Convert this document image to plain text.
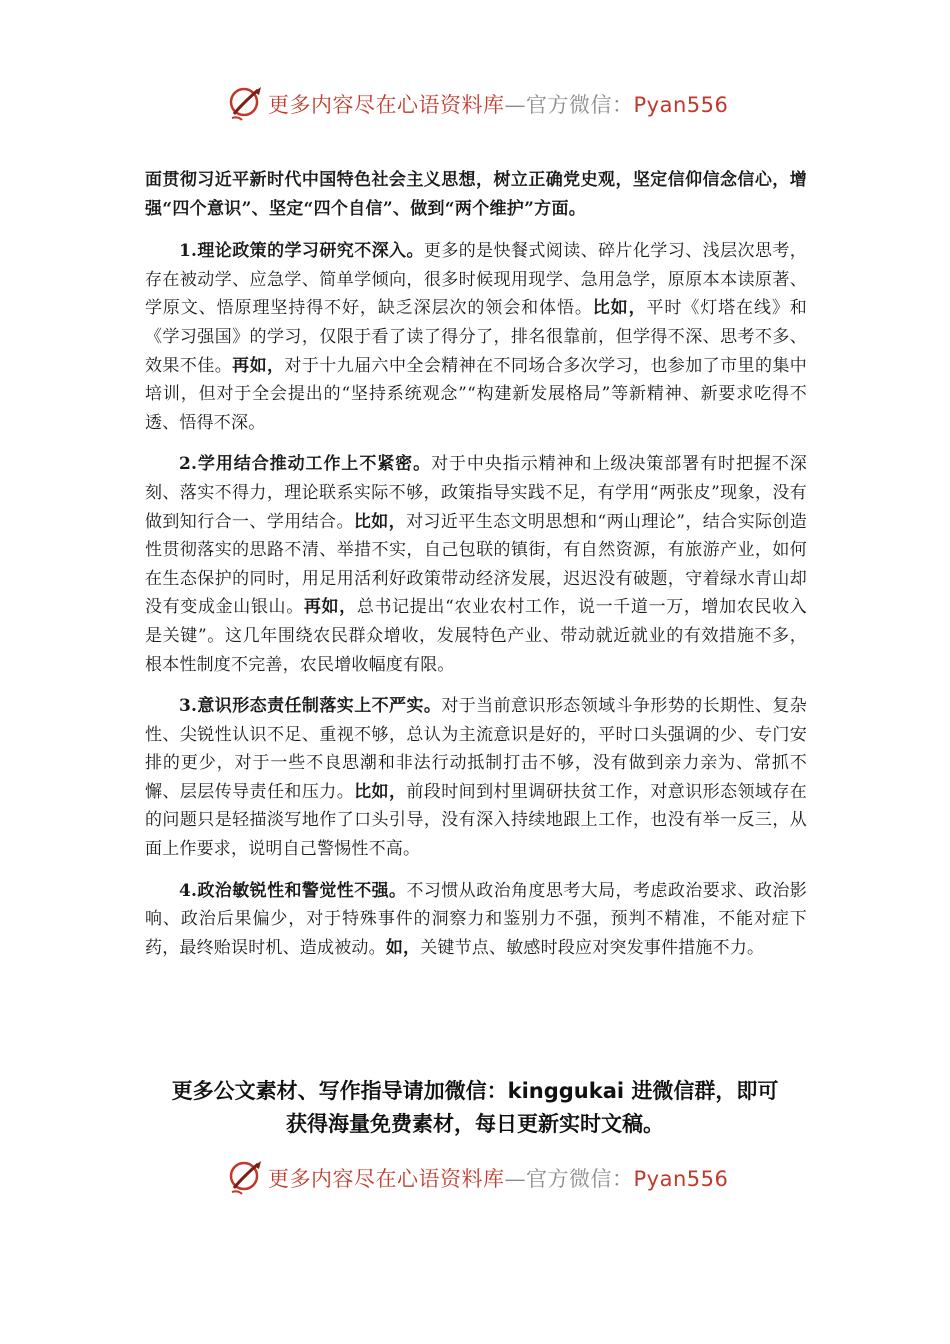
更多内容尽在心语资料库—官方微信：Pyan556

面贯彻习近平新时代中国特色社会主义思想，树立正确党史观，坚定信仰信念信心，增强“四个意识”、坚定“四个自信”、做到“两个维护”方面。

1.理论政策的学习研究不深入。更多的是快餐式阅读、碎片化学习、浅层次思考，存在被动学、应急学、简单学倾向，很多时候现用现学、急用急学，原原本本读原著、学原文、悟原理坚持得不好，缺乏深层次的领会和体悟。比如，平时《灯塔在线》和《学习强国》的学习，仅限于看了读了得分了，排名很靠前，但学得不深、思考不多、效果不佳。再如，对于十九届六中全会精神在不同场合多次学习，也参加了市里的集中培训，但对于全会提出的“坚持系统观念”“构建新发展格局”等新精神、新要求吃得不透、悟得不深。

2.学用结合推动工作上不紧密。对于中央指示精神和上级决策部署有时把握不深刻、落实不得力，理论联系实际不够，政策指导实践不足，有学用“两张皮”现象，没有做到知行合一、学用结合。比如，对习近平生态文明思想和“两山理论”，结合实际创造性贯彻落实的思路不清、举措不实，自己包联的镇街，有自然资源，有旅游产业，如何在生态保护的同时，用足用活利好政策带动经济发展，迟迟没有破题，守着绿水青山却没有变成金山银山。再如，总书记提出“农业农村工作，说一千道一万，增加农民收入是关键”。这几年围绕农民群众增收，发展特色产业、带动就近就业的有效措施不多，根本性制度不完善，农民增收幅度有限。

3.意识形态责任制落实上不严实。对于当前意识形态领域斗争形势的长期性、复杂性、尖锐性认识不足、重视不够，总认为主流意识是好的，平时口头强调的少、专门安排的更少，对于一些不良思潮和非法行动抵制打击不够，没有做到亲力亲为、常抓不懈、层层传导责任和压力。比如，前段时间到村里调研扶贫工作，对意识形态领域存在的问题只是轻描淡写地作了口头引导，没有深入持续地跟上工作，也没有举一反三，从面上作要求，说明自己警惕性不高。

4.政治敏锐性和警觉性不强。不习惯从政治角度思考大局，考虑政治要求、政治影响、政治后果偏少，对于特殊事件的洞察力和鉴别力不强，预判不精准，不能对症下药，最终贻误时机、造成被动。如，关键节点、敏感时段应对突发事件措施不力。

更多公文素材、写作指导请加微信：kinggukai 进微信群，即可
获得海量免费素材，每日更新实时文稿。
更多内容尽在心语资料库—官方微信：Pyan556
